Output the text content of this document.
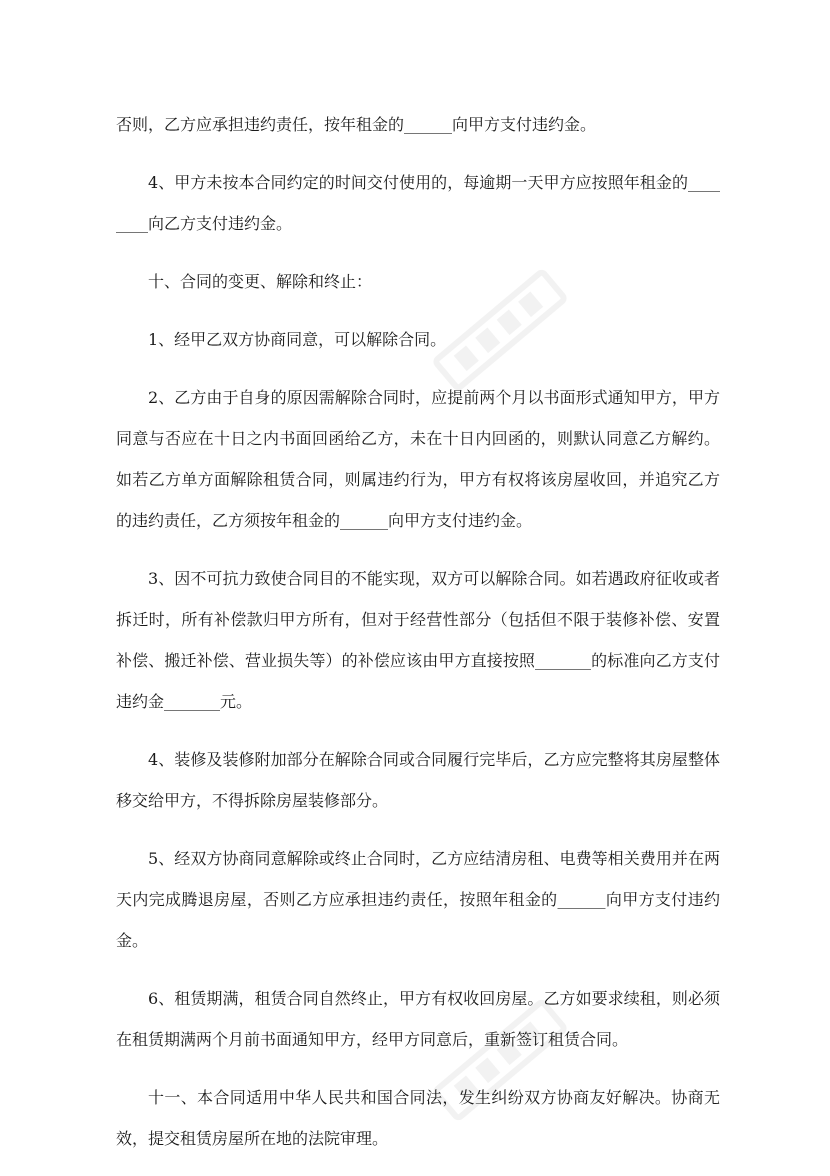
否则，乙方应承担违约责任，按年租金的______向甲方支付违约金。

4、甲方未按本合同约定的时间交付使用的，每逾期一天甲方应按照年租金的________向乙方支付违约金。

十、合同的变更、解除和终止：

1、经甲乙双方协商同意，可以解除合同。

2、乙方由于自身的原因需解除合同时，应提前两个月以书面形式通知甲方，甲方同意与否应在十日之内书面回函给乙方，未在十日内回函的，则默认同意乙方解约。如若乙方单方面解除租赁合同，则属违约行为，甲方有权将该房屋收回，并追究乙方的违约责任，乙方须按年租金的______向甲方支付违约金。

3、因不可抗力致使合同目的不能实现，双方可以解除合同。如若遇政府征收或者拆迁时，所有补偿款归甲方所有，但对于经营性部分（包括但不限于装修补偿、安置补偿、搬迁补偿、营业损失等）的补偿应该由甲方直接按照_______的标准向乙方支付违约金_______元。

4、装修及装修附加部分在解除合同或合同履行完毕后，乙方应完整将其房屋整体移交给甲方，不得拆除房屋装修部分。

5、经双方协商同意解除或终止合同时，乙方应结清房租、电费等相关费用并在两天内完成腾退房屋，否则乙方应承担违约责任，按照年租金的______向甲方支付违约金。

6、租赁期满，租赁合同自然终止，甲方有权收回房屋。乙方如要求续租，则必须在租赁期满两个月前书面通知甲方，经甲方同意后，重新签订租赁合同。

十一、本合同适用中华人民共和国合同法，发生纠纷双方协商友好解决。协商无效，提交租赁房屋所在地的法院审理。
